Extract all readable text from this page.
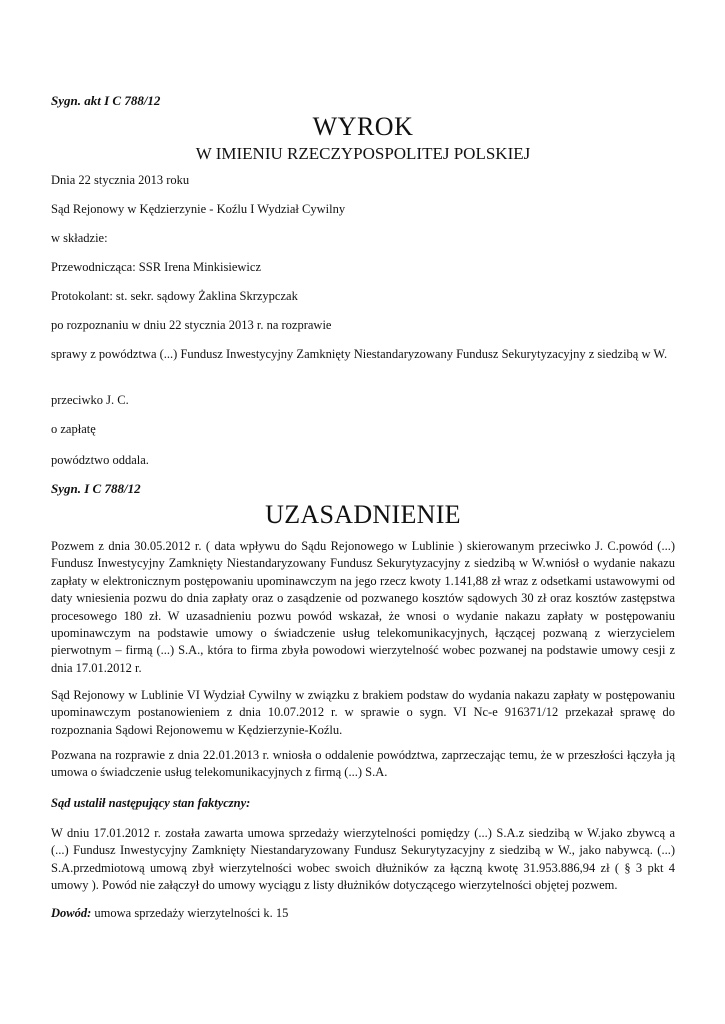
Sygn. akt I C 788/12
WYROK
W IMIENIU RZECZYPOSPOLITEJ POLSKIEJ
Dnia 22 stycznia 2013 roku
Sąd Rejonowy w Kędzierzynie - Koźlu I Wydział Cywilny
w składzie:
Przewodnicząca: SSR Irena Minkisiewicz
Protokolant: st. sekr. sądowy Żaklina Skrzypczak
po rozpoznaniu w dniu 22 stycznia 2013 r. na rozprawie
sprawy z powództwa (...) Fundusz Inwestycyjny Zamknięty Niestandaryzowany Fundusz Sekurytyzacyjny z siedzibą w W.
przeciwko J. C.
o zapłatę
powództwo oddala.
Sygn. I C 788/12
UZASADNIENIE
Pozwem z dnia 30.05.2012 r. ( data wpływu do Sądu Rejonowego w Lublinie ) skierowanym przeciwko J. C.powód (...) Fundusz Inwestycyjny Zamknięty Niestandaryzowany Fundusz Sekurytyzacyjny z siedzibą w W.wniósł o wydanie nakazu zapłaty w elektronicznym postępowaniu upominawczym na jego rzecz kwoty 1.141,88 zł wraz z odsetkami ustawowymi od daty wniesienia pozwu do dnia zapłaty oraz o zasądzenie od pozwanego kosztów sądowych 30 zł oraz kosztów zastępstwa procesowego 180 zł. W uzasadnieniu pozwu powód wskazał, że wnosi o wydanie nakazu zapłaty w postępowaniu upominawczym na podstawie umowy o świadczenie usług telekomunikacyjnych, łączącej pozwaną z wierzycielem pierwotnym – firmą (...) S.A., która to firma zbyła powodowi wierzytelność wobec pozwanej na podstawie umowy cesji z dnia 17.01.2012 r.
Sąd Rejonowy w Lublinie VI Wydział Cywilny w związku z brakiem podstaw do wydania nakazu zapłaty w postępowaniu upominawczym postanowieniem z dnia 10.07.2012 r. w sprawie o sygn. VI Nc-e 916371/12 przekazał sprawę do rozpoznania Sądowi Rejonowemu w Kędzierzynie-Koźlu.
Pozwana na rozprawie z dnia 22.01.2013 r. wniosła o oddalenie powództwa, zaprzeczając temu, że w przeszłości łączyła ją umowa o świadczenie usług telekomunikacyjnych z firmą (...) S.A.
Sąd ustalił następujący stan faktyczny:
W dniu 17.01.2012 r. została zawarta umowa sprzedaży wierzytelności pomiędzy (...) S.A.z siedzibą w W.jako zbywcą a (...) Fundusz Inwestycyjny Zamknięty Niestandaryzowany Fundusz Sekurytyzacyjny z siedzibą w W., jako nabywcą. (...) S.A.przedmiotową umową zbył wierzytelności wobec swoich dłużników za łączną kwotę 31.953.886,94 zł ( § 3 pkt 4 umowy ). Powód nie załączył do umowy wyciągu z listy dłużników dotyczącego wierzytelności objętej pozwem.
Dowód: umowa sprzedaży wierzytelności k. 15
